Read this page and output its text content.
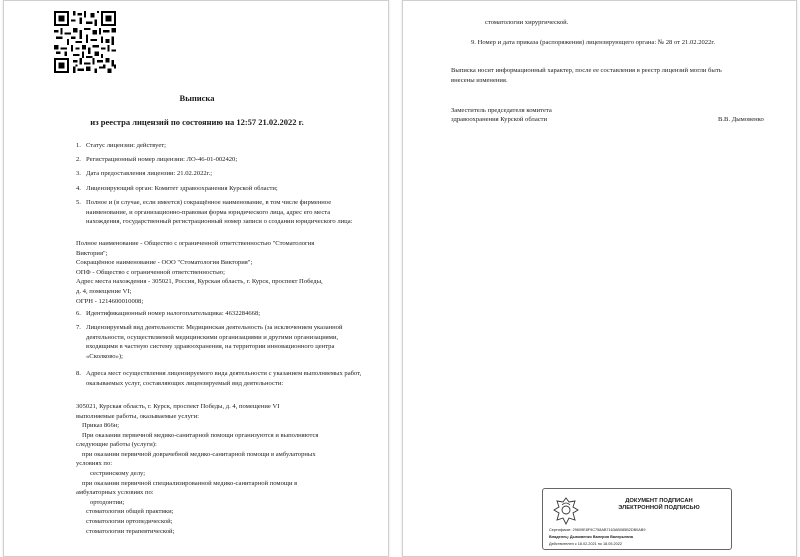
Выписка
из реестра лицензий по состоянию на 12:57 21.02.2022 г.
1. Статус лицензии: действует;
2. Регистрационный номер лицензии: ЛО-46-01-002420;
3. Дата предоставления лицензии: 21.02.2022г.;
4. Лицензирующий орган: Комитет здравоохранения Курской области;
5. Полное и (в случае, если имеется) сокращённое наименование, в том числе фирменное наименование, и организационно-правовая форма юридического лица, адрес его места нахождения, государственный регистрационный номер записи о создании юридического лица:
Полное наименование - Общество с ограниченной ответственностью "Стоматология
Виктория";
Сокращённое наименование - ООО "Стоматология Виктория";
ОПФ - Общество с ограниченной ответственностью;
Адрес места нахождения - 305021, Россия, Курская область, г. Курск, проспект Победы,
д. 4, помещение VI;
ОГРН - 1214600010008;
6. Идентификационный номер налогоплательщика: 4632284668;
7. Лицензируемый вид деятельности: Медицинская деятельность (за исключением указанной деятельности, осуществляемой медицинскими организациями и другими организациями, входящими в частную систему здравоохранения, на территории инновационного центра «Сколково»);
8. Адреса мест осуществления лицензируемого вида деятельности с указанием выполняемых работ, оказываемых услуг, составляющих лицензируемый вид деятельности:
305021, Курская область, г. Курск, проспект Победы, д. 4, помещение VI
выполняемые работы, оказываемые услуги:
Приказ 866н;
При оказании первичной медико-санитарной помощи организуются и выполняются
следующие работы (услуги):
при оказании первичной доврачебной медико-санитарной помощи в амбулаторных
условиях по:
сестринскому делу;
при оказании первичной специализированной медико-санитарной помощи в
амбулаторных условиях по:
ортодонтии;
стоматологии общей практики;
стоматологии ортопедической;
стоматологии терапевтической;
стоматологии хирургической.
9. Номер и дата приказа (распоряжения) лицензирующего органа: № 28 от 21.02.2022г.
Выписка носит информационный характер, после ее составления в реестр лицензий могли быть
внесены изменения.
Заместитель председателя комитета
здравоохранения Курской области	В.В. Дымовенко
ДОКУМЕНТ ПОДПИСАН
ЭЛЕКТРОННОЙ ПОДПИСЬЮ
Сертификат: 29609E8F9C758AB7163AB085B2DB0AB9
Владелец: Дымовенко Валерия Валерьевна
Действителен с 18.02.2021 по 18.05.2022
